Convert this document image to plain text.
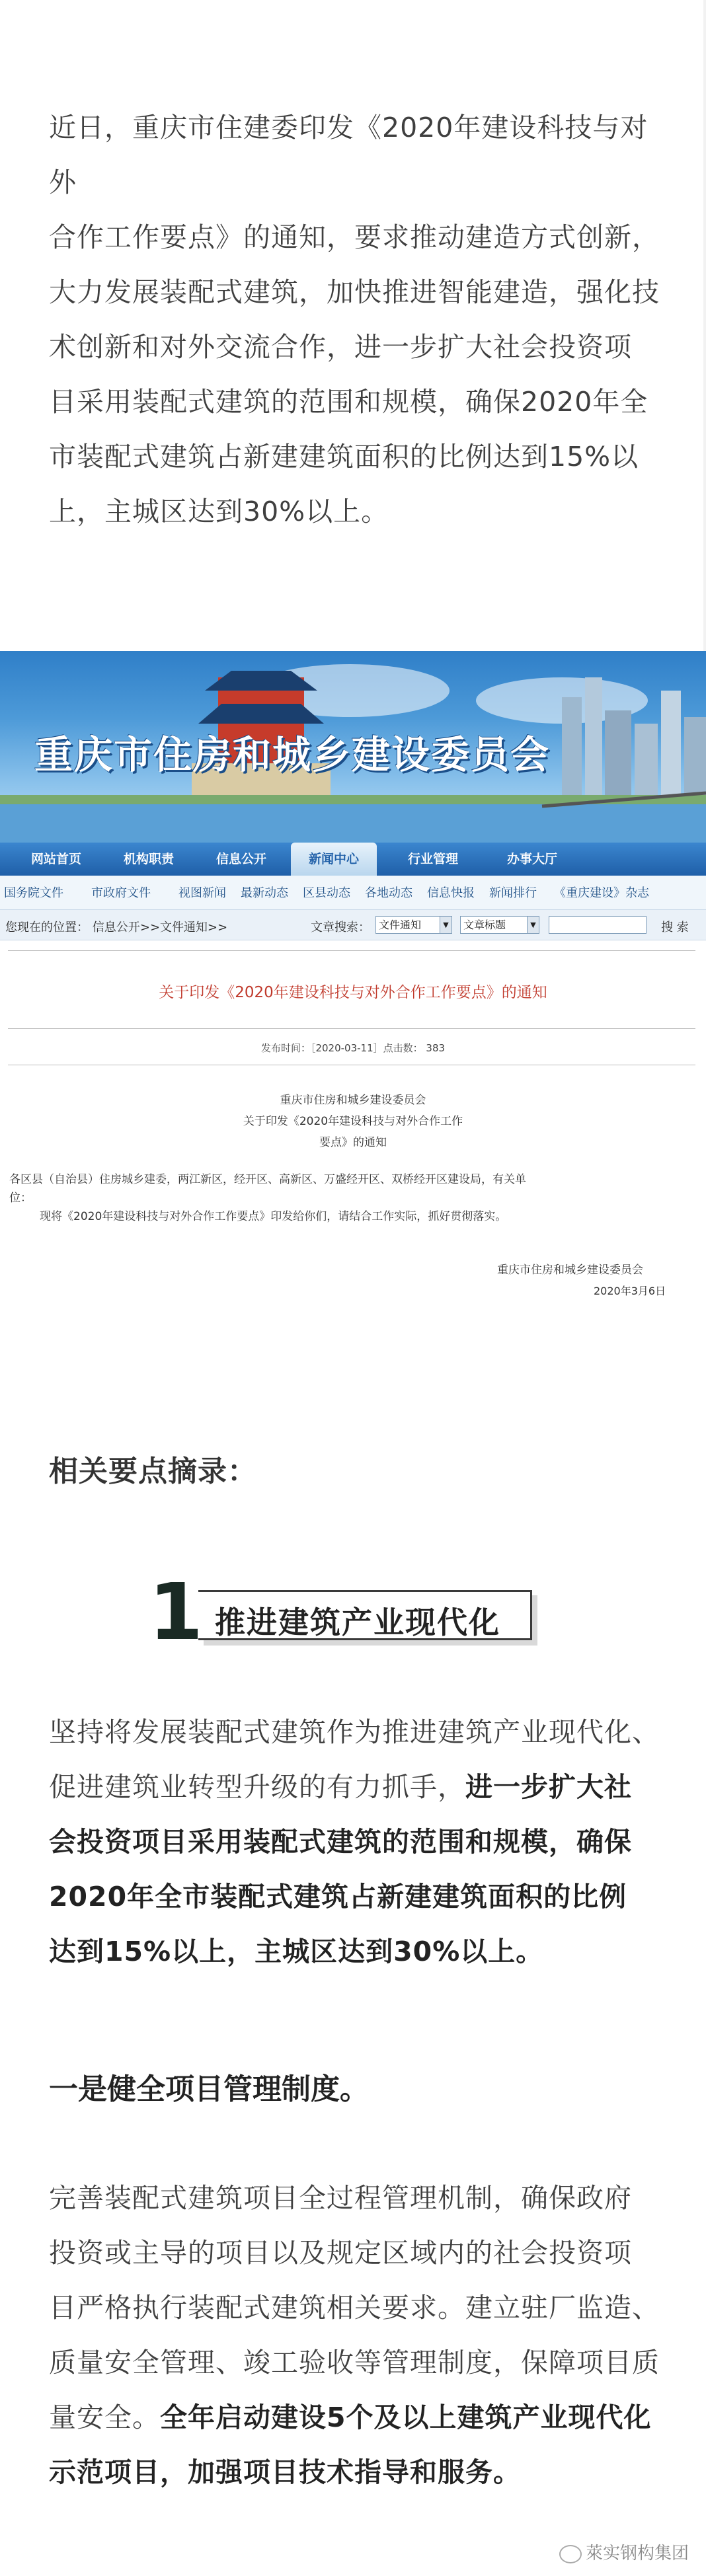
近日，重庆市住建委印发《2020年建设科技与对外
合作工作要点》的通知，要求推动建造方式创新，
大力发展装配式建筑，加快推进智能建造，强化技
术创新和对外交流合作，进一步扩大社会投资项
目采用装配式建筑的范围和规模，确保2020年全
市装配式建筑占新建建筑面积的比例达到15%以
上，主城区达到30%以上。
重庆市住房和城乡建设委员会
网站首页	机构职责	信息公开	新闻中心	行业管理	办事大厅
国务院文件 市政府文件 视图新闻 最新动态 区县动态 各地动态 信息快报 新闻排行 《重庆建设》杂志
您现在的位置： 信息公开>>文件通知>>	文章搜索： 文件通知	▼	文章标题	▼	搜 索
关于印发《2020年建设科技与对外合作工作要点》的通知
发布时间：［2020-03-11］点击数： 383
重庆市住房和城乡建设委员会
关于印发《2020年建设科技与对外合作工作
要点》的通知
各区县（自治县）住房城乡建委，两江新区，经开区、高新区、万盛经开区、双桥经开区建设局，有关单
位：
现将《2020年建设科技与对外合作工作要点》印发给你们，请结合工作实际，抓好贯彻落实。
重庆市住房和城乡建设委员会
2020年3月6日
相关要点摘录：
推进建筑产业现代化
1
坚持将发展装配式建筑作为推进建筑产业现代化、
促进建筑业转型升级的有力抓手，进一步扩大社
会投资项目采用装配式建筑的范围和规模，确保
2020年全市装配式建筑占新建建筑面积的比例
达到15%以上，主城区达到30%以上。
一是健全项目管理制度。
完善装配式建筑项目全过程管理机制，确保政府
投资或主导的项目以及规定区域内的社会投资项
目严格执行装配式建筑相关要求。建立驻厂监造、
质量安全管理、竣工验收等管理制度，保障项目质
量安全。全年启动建设5个及以上建筑产业现代化
示范项目，加强项目技术指导和服务。
萊实钢构集团
